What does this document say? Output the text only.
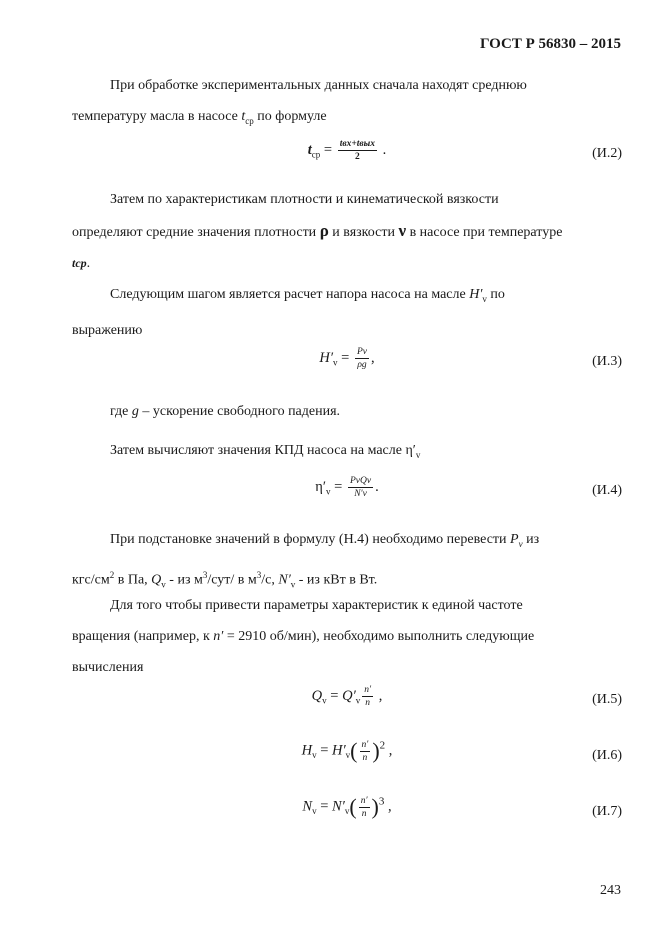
ГОСТ Р 56830 – 2015
При обработке экспериментальных данных сначала находят среднюю
температуру масла в насосе $t_{ср}$ по формуле
$t_{ср} = \frac{\text{tвх+tвых}}{2}$ .	(И.2)
Затем по характеристикам плотности и кинематической вязкости
определяют средние значения плотности ρ и вязкости ν в насосе при температуре
tср.
Следующим шагом является расчет напора насоса на масле $H'_v$ по
выражению
$H'_v = \frac{Pv}{\rho g}$ ,	(И.3)
где g – ускорение свободного падения.
Затем вычисляют значения КПД насоса на масле $\eta'_v$
$\eta'_v = \frac{\text{PvQv}}{N'v}$ .	(И.4)
При подстановке значений в формулу (Н.4) необходимо перевести $P_v$ из
кгс/$см^2$ в Па, $Q_v$ - из $м^3/сут/$ в $м^3/с$, $N'_v$ - из кВт в Вт.
Для того чтобы привести параметры характеристик к единой частоте
вращения (например, к n′ = 2910 об/мин), необходимо выполнить следующие
вычисления
$Q_v = Q'_v \frac{n'}{n}$ ,	(И.5)
$H_v = H'_v( \frac{n'}{n} )^2$ ,	(И.6)
$N_v = N'_v( \frac{n'}{n} )^3$ ,	(И.7)
243
